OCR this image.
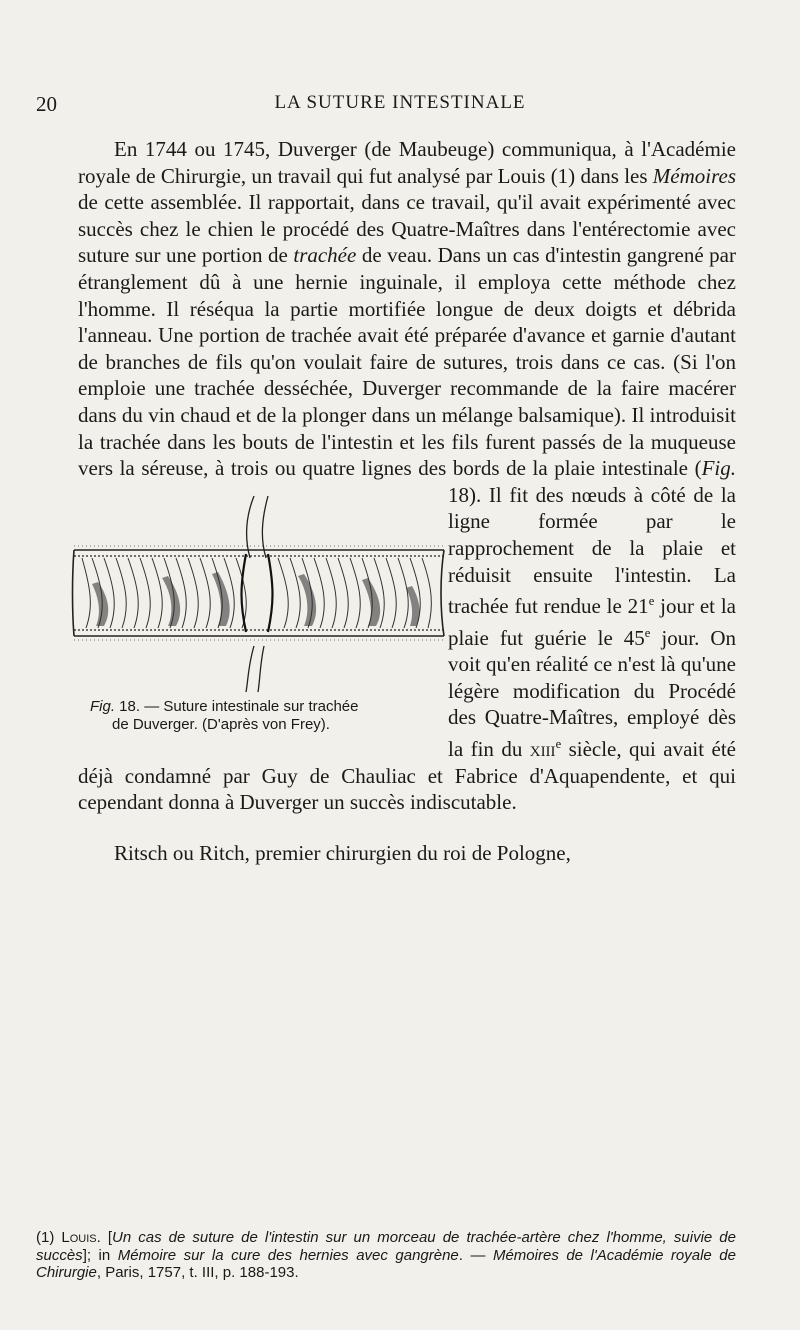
20	LA SUTURE INTESTINALE

En 1744 ou 1745, Duverger (de Maubeuge) communiqua, à l'Académie royale de Chirurgie, un travail qui fut analysé par Louis (1) dans les Mémoires de cette assemblée. Il rapportait, dans ce travail, qu'il avait expérimenté avec succès chez le chien le procédé des Quatre-Maîtres dans l'entérectomie avec suture sur une portion de trachée de veau. Dans un cas d'intestin gangrené par étranglement dû à une hernie inguinale, il employa cette méthode chez l'homme. Il réséqua la partie mortifiée longue de deux doigts et débrida l'anneau. Une portion de trachée avait été préparée d'avance et garnie d'autant de branches de fils qu'on voulait faire de sutures, trois dans ce cas. (Si l'on emploie une trachée desséchée, Duverger recommande de la faire macérer dans du vin chaud et de la plonger dans un mélange balsamique). Il introduisit la trachée dans les bouts de l'intestin et les fils furent passés de la muqueuse vers la séreuse, à trois ou quatre lignes des bords de la plaie intestinale (Fig.
Fig. 18. — Suture intestinale sur trachée
de Duverger. (D'après von Frey).
18). Il fit des nœuds à côté de la ligne formée par le rapprochement de la plaie et réduisit ensuite l'intestin. La trachée fut rendue le 21e jour et la plaie fut guérie le 45e jour. On voit qu'en réalité ce n'est là qu'une légère modification du Procédé des Quatre-Maîtres, employé dès la fin du xiii$^e$ siècle, qui avait été déjà condamné par Guy de Chauliac et Fabrice d'Aquapendente, et qui cependant donna à Duverger un succès indiscutable.

Ritsch ou Ritch, premier chirurgien du roi de Pologne,

(1) Louis. [Un cas de suture de l'intestin sur un morceau de trachée-artère chez l'homme, suivie de succès]; in Mémoire sur la cure des hernies avec gangrène. — Mémoires de l'Académie royale de Chirurgie, Paris, 1757, t. III, p. 188-193.
